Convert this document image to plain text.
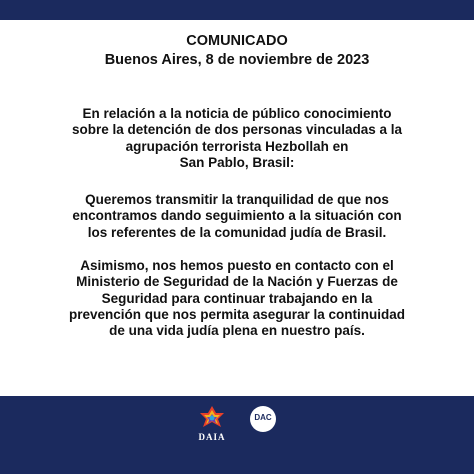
COMUNICADO
Buenos Aires, 8 de noviembre de 2023
En relación a la noticia de público conocimiento
sobre la detención de dos personas vinculadas a la
agrupación terrorista Hezbollah en
San Pablo, Brasil:
Queremos transmitir la tranquilidad de que nos
encontramos dando seguimiento a la situación con
los referentes de la comunidad judía de Brasil.
Asimismo, nos hemos puesto en contacto con el
Ministerio de Seguridad de la Nación y Fuerzas de
Seguridad para continuar trabajando en la
prevención que nos permita asegurar la continuidad
de una vida judía plena en nuestro país.
DAIA
DAC
